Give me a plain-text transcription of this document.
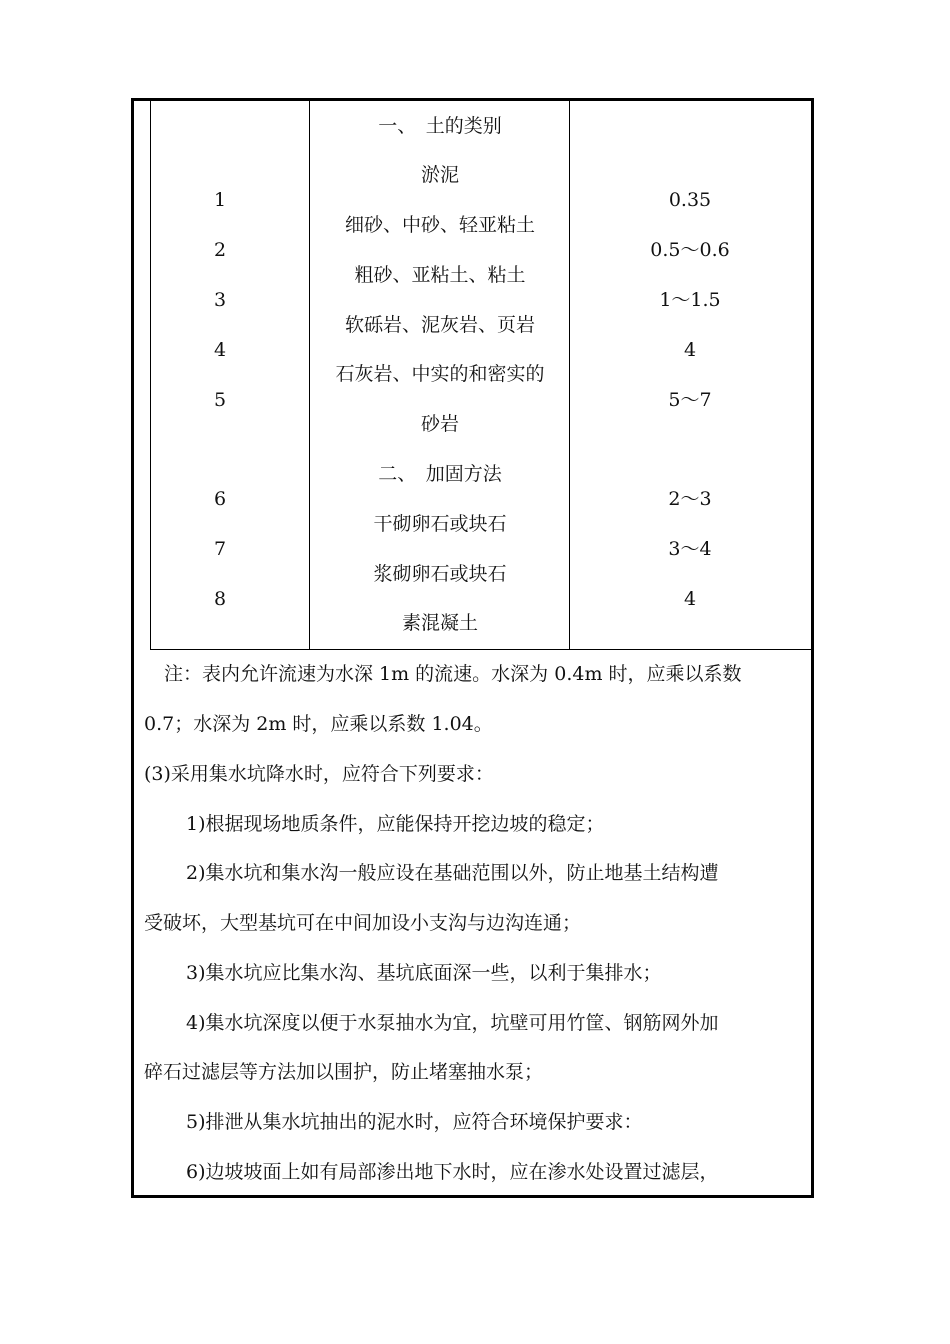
1
2
3
4
5
6
7
8
一、　土的类别
淤泥
细砂、中砂、轻亚粘土
粗砂、亚粘土、粘土
软砾岩、泥灰岩、页岩
石灰岩、中实的和密实的
砂岩
二、　加固方法
干砌卵石或块石
浆砌卵石或块石
素混凝土
0.35
0.5～0.6
1～1.5
4
5～7
2～3
3～4
4
注：表内允许流速为水深 1m 的流速。水深为 0.4m 时，应乘以系数
0.7；水深为 2m 时，应乘以系数 1.04。
(3)采用集水坑降水时，应符合下列要求：
1)根据现场地质条件，应能保持开挖边坡的稳定；
2)集水坑和集水沟一般应设在基础范围以外，防止地基土结构遭
受破坏，大型基坑可在中间加设小支沟与边沟连通；
3)集水坑应比集水沟、基坑底面深一些，以利于集排水；
4)集水坑深度以便于水泵抽水为宜，坑壁可用竹筐、钢筋网外加
碎石过滤层等方法加以围护，防止堵塞抽水泵；
5)排泄从集水坑抽出的泥水时，应符合环境保护要求：
6)边坡坡面上如有局部渗出地下水时，应在渗水处设置过滤层，
